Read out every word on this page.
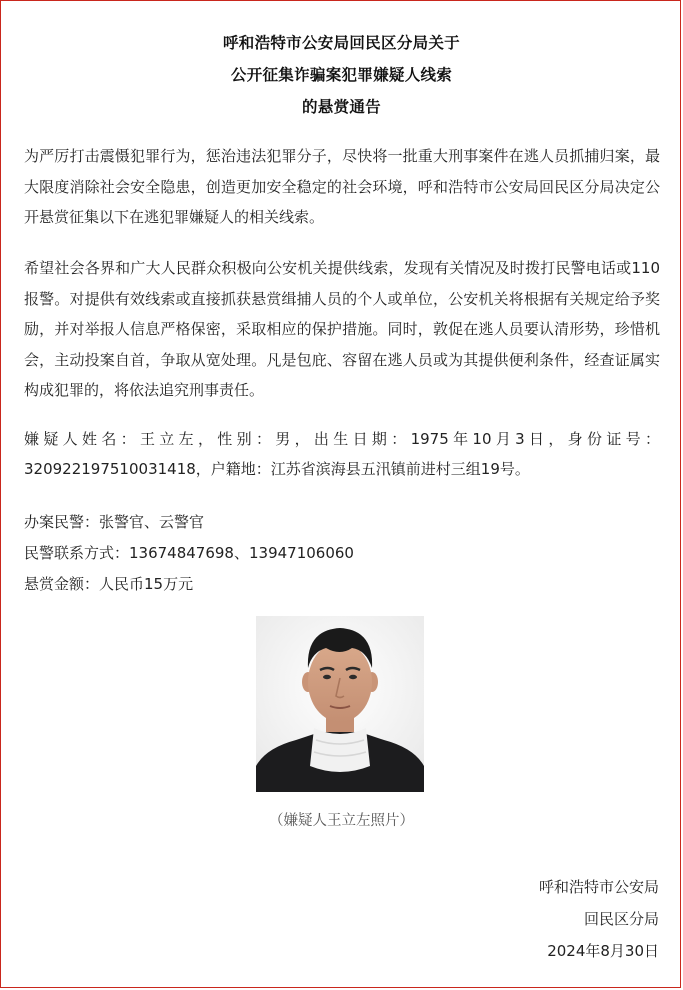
呼和浩特市公安局回民区分局关于
公开征集诈骗案犯罪嫌疑人线索
的悬赏通告
为严厉打击震慑犯罪行为，惩治违法犯罪分子，尽快将一批重大刑事案件在逃人员抓捕归案，最大限度消除社会安全隐患，创造更加安全稳定的社会环境，呼和浩特市公安局回民区分局决定公开悬赏征集以下在逃犯罪嫌疑人的相关线索。
希望社会各界和广大人民群众积极向公安机关提供线索，发现有关情况及时拨打民警电话或110报警。对提供有效线索或直接抓获悬赏缉捕人员的个人或单位，公安机关将根据有关规定给予奖励，并对举报人信息严格保密，采取相应的保护措施。同时，敦促在逃人员要认清形势，珍惜机会，主动投案自首，争取从宽处理。凡是包庇、容留在逃人员或为其提供便利条件，经查证属实构成犯罪的，将依法追究刑事责任。
嫌疑人姓名：王立左，性别：男，出生日期：1975年10月3日，身份证号：
320922197510031418，户籍地：江苏省滨海县五汛镇前进村三组19号。
办案民警：张警官、云警官
民警联系方式：13674847698、13947106060
悬赏金额：人民币15万元
（嫌疑人王立左照片）
呼和浩特市公安局
回民区分局
2024年8月30日
